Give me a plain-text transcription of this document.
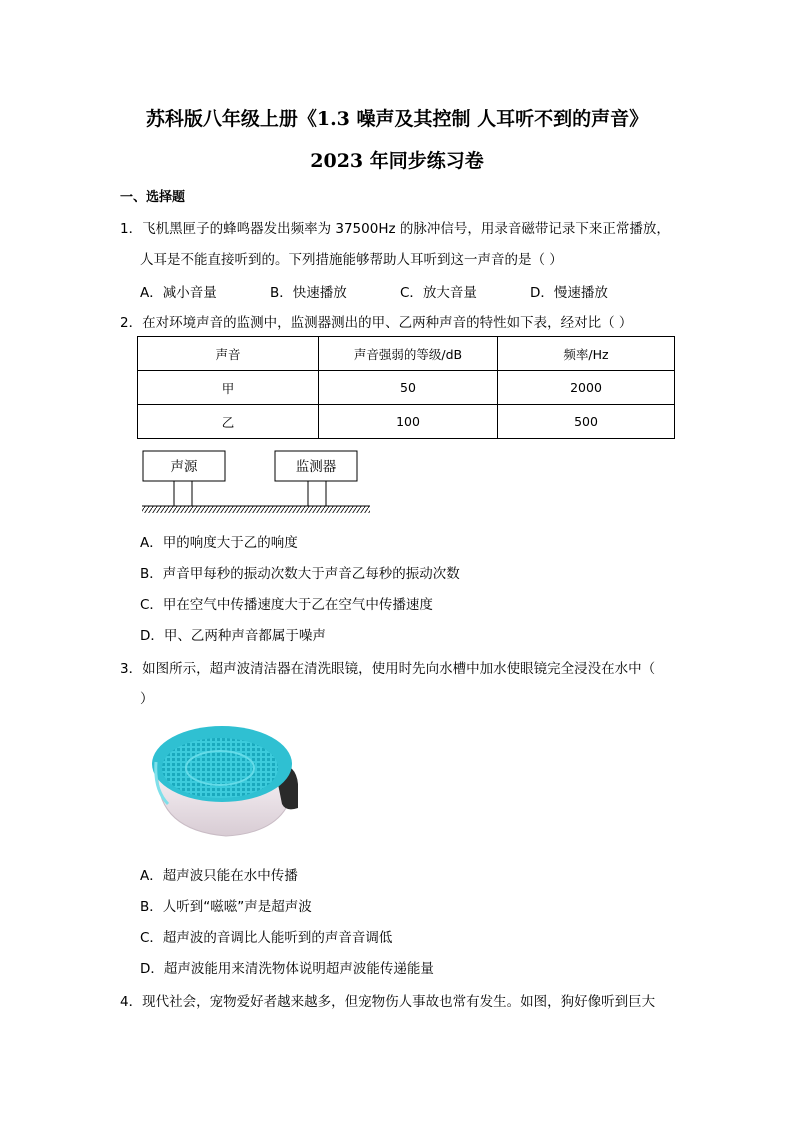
苏科版八年级上册《1.3 噪声及其控制 人耳听不到的声音》
2023 年同步练习卷
一、选择题
1．飞机黑匣子的蜂鸣器发出频率为 37500Hz 的脉冲信号，用录音磁带记录下来正常播放，
人耳是不能直接听到的。下列措施能够帮助人耳听到这一声音的是（ ）
A．减小音量	B．快速播放	C．放大音量	D．慢速播放
2．在对环境声音的监测中，监测器测出的甲、乙两种声音的特性如下表，经对比（ ）
声音	声音强弱的等级/dB	频率/Hz
甲	50	2000
乙	100	500
声源	监测器
A．甲的响度大于乙的响度
B．声音甲每秒的振动次数大于声音乙每秒的振动次数
C．甲在空气中传播速度大于乙在空气中传播速度
D．甲、乙两种声音都属于噪声
3．如图所示，超声波清洁器在清洗眼镜，使用时先向水槽中加水使眼镜完全浸没在水中（
）
A．超声波只能在水中传播
B．人听到“嗞嗞”声是超声波
C．超声波的音调比人能听到的声音音调低
D．超声波能用来清洗物体说明超声波能传递能量
4．现代社会，宠物爱好者越来越多，但宠物伤人事故也常有发生。如图，狗好像听到巨大
